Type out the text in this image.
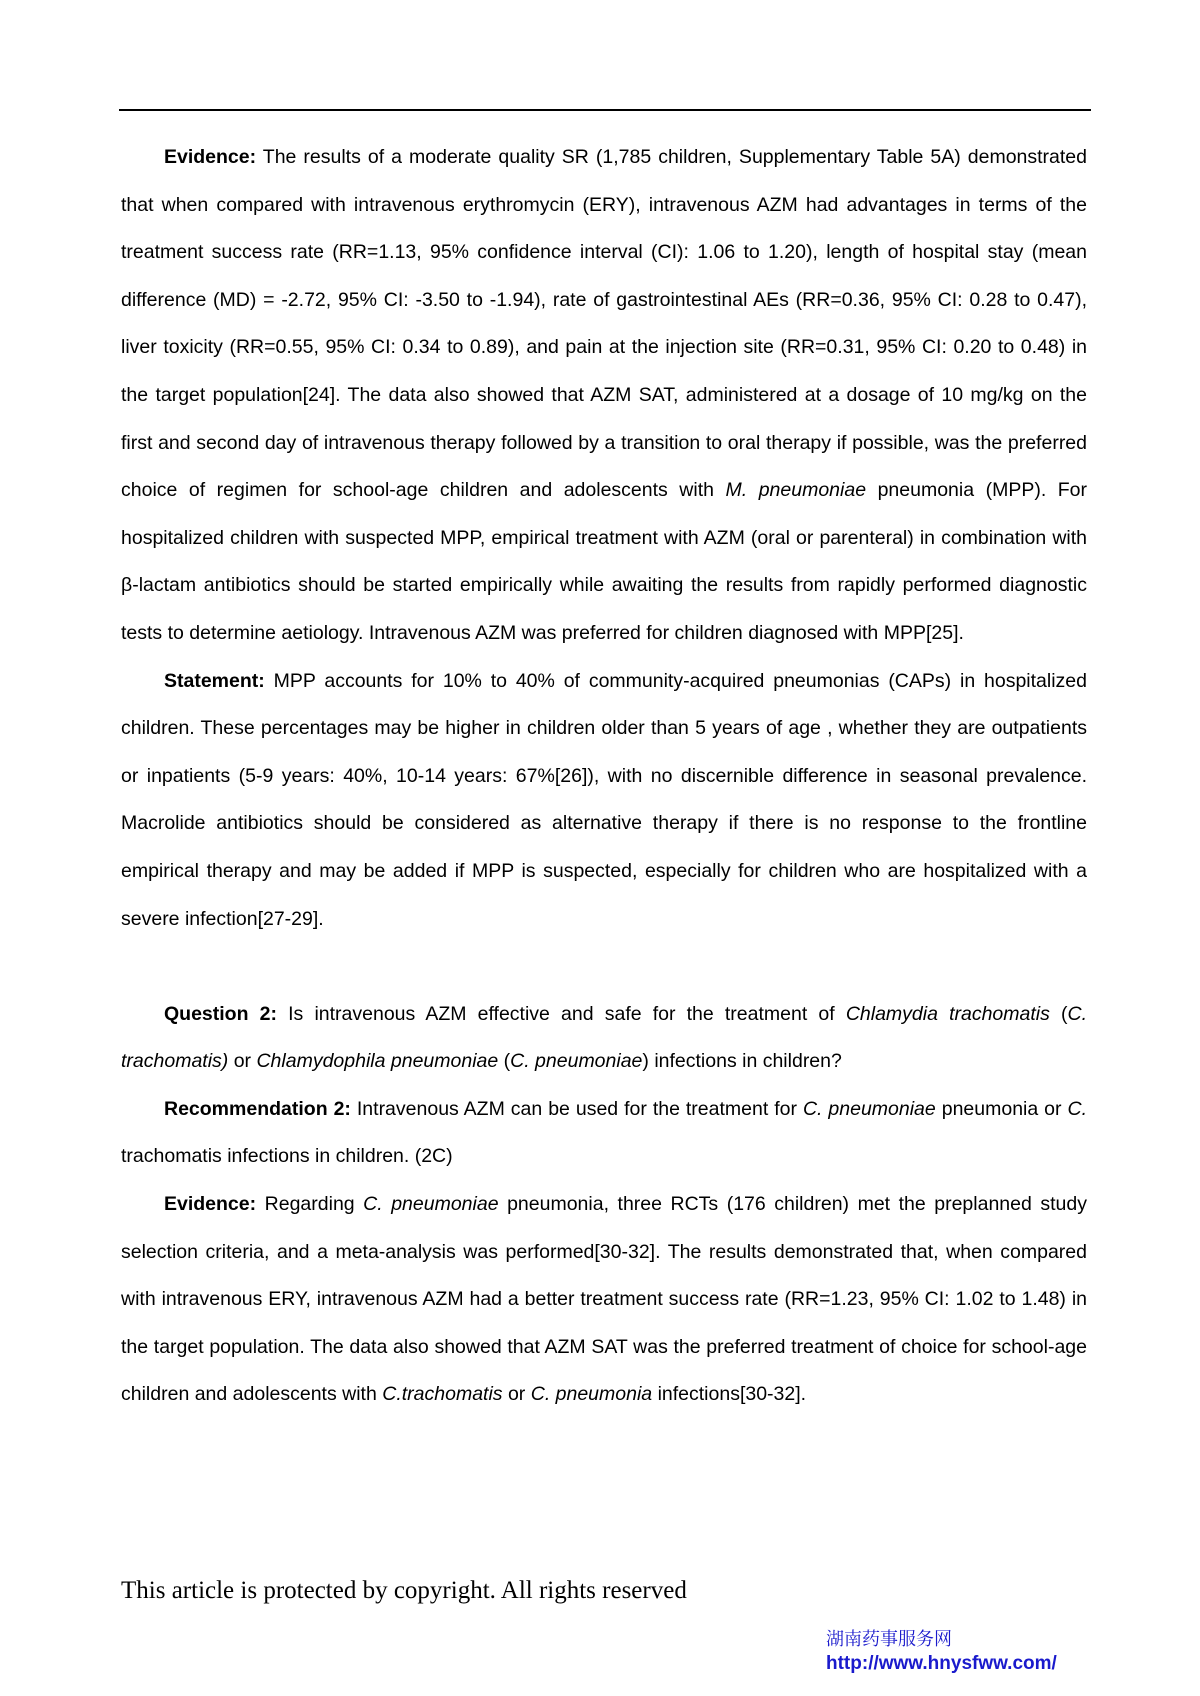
Evidence: The results of a moderate quality SR (1,785 children, Supplementary Table 5A) demonstrated that when compared with intravenous erythromycin (ERY), intravenous AZM had advantages in terms of the treatment success rate (RR=1.13, 95% confidence interval (CI): 1.06 to 1.20), length of hospital stay (mean difference (MD) = -2.72, 95% CI: -3.50 to -1.94), rate of gastrointestinal AEs (RR=0.36, 95% CI: 0.28 to 0.47), liver toxicity (RR=0.55, 95% CI: 0.34 to 0.89), and pain at the injection site (RR=0.31, 95% CI: 0.20 to 0.48) in the target population[24]. The data also showed that AZM SAT, administered at a dosage of 10 mg/kg on the first and second day of intravenous therapy followed by a transition to oral therapy if possible, was the preferred choice of regimen for school-age children and adolescents with M. pneumoniae pneumonia (MPP). For hospitalized children with suspected MPP, empirical treatment with AZM (oral or parenteral) in combination with β-lactam antibiotics should be started empirically while awaiting the results from rapidly performed diagnostic tests to determine aetiology. Intravenous AZM was preferred for children diagnosed with MPP[25].

Statement: MPP accounts for 10% to 40% of community-acquired pneumonias (CAPs) in hospitalized children. These percentages may be higher in children older than 5 years of age , whether they are outpatients or inpatients (5-9 years: 40%, 10-14 years: 67%[26]), with no discernible difference in seasonal prevalence. Macrolide antibiotics should be considered as alternative therapy if there is no response to the frontline empirical therapy and may be added if MPP is suspected, especially for children who are hospitalized with a severe infection[27-29].

Question 2: Is intravenous AZM effective and safe for the treatment of Chlamydia trachomatis (C. trachomatis) or Chlamydophila pneumoniae (C. pneumoniae) infections in children?

Recommendation 2: Intravenous AZM can be used for the treatment for C. pneumoniae pneumonia or C. trachomatis infections in children. (2C)

Evidence: Regarding C. pneumoniae pneumonia, three RCTs (176 children) met the preplanned study selection criteria, and a meta-analysis was performed[30-32]. The results demonstrated that, when compared with intravenous ERY, intravenous AZM had a better treatment success rate (RR=1.23, 95% CI: 1.02 to 1.48) in the target population. The data also showed that AZM SAT was the preferred treatment of choice for school-age children and adolescents with C.trachomatis or C. pneumonia infections[30-32].

This article is protected by copyright. All rights reserved
湖南药事服务网
http://www.hnysfww.com/
